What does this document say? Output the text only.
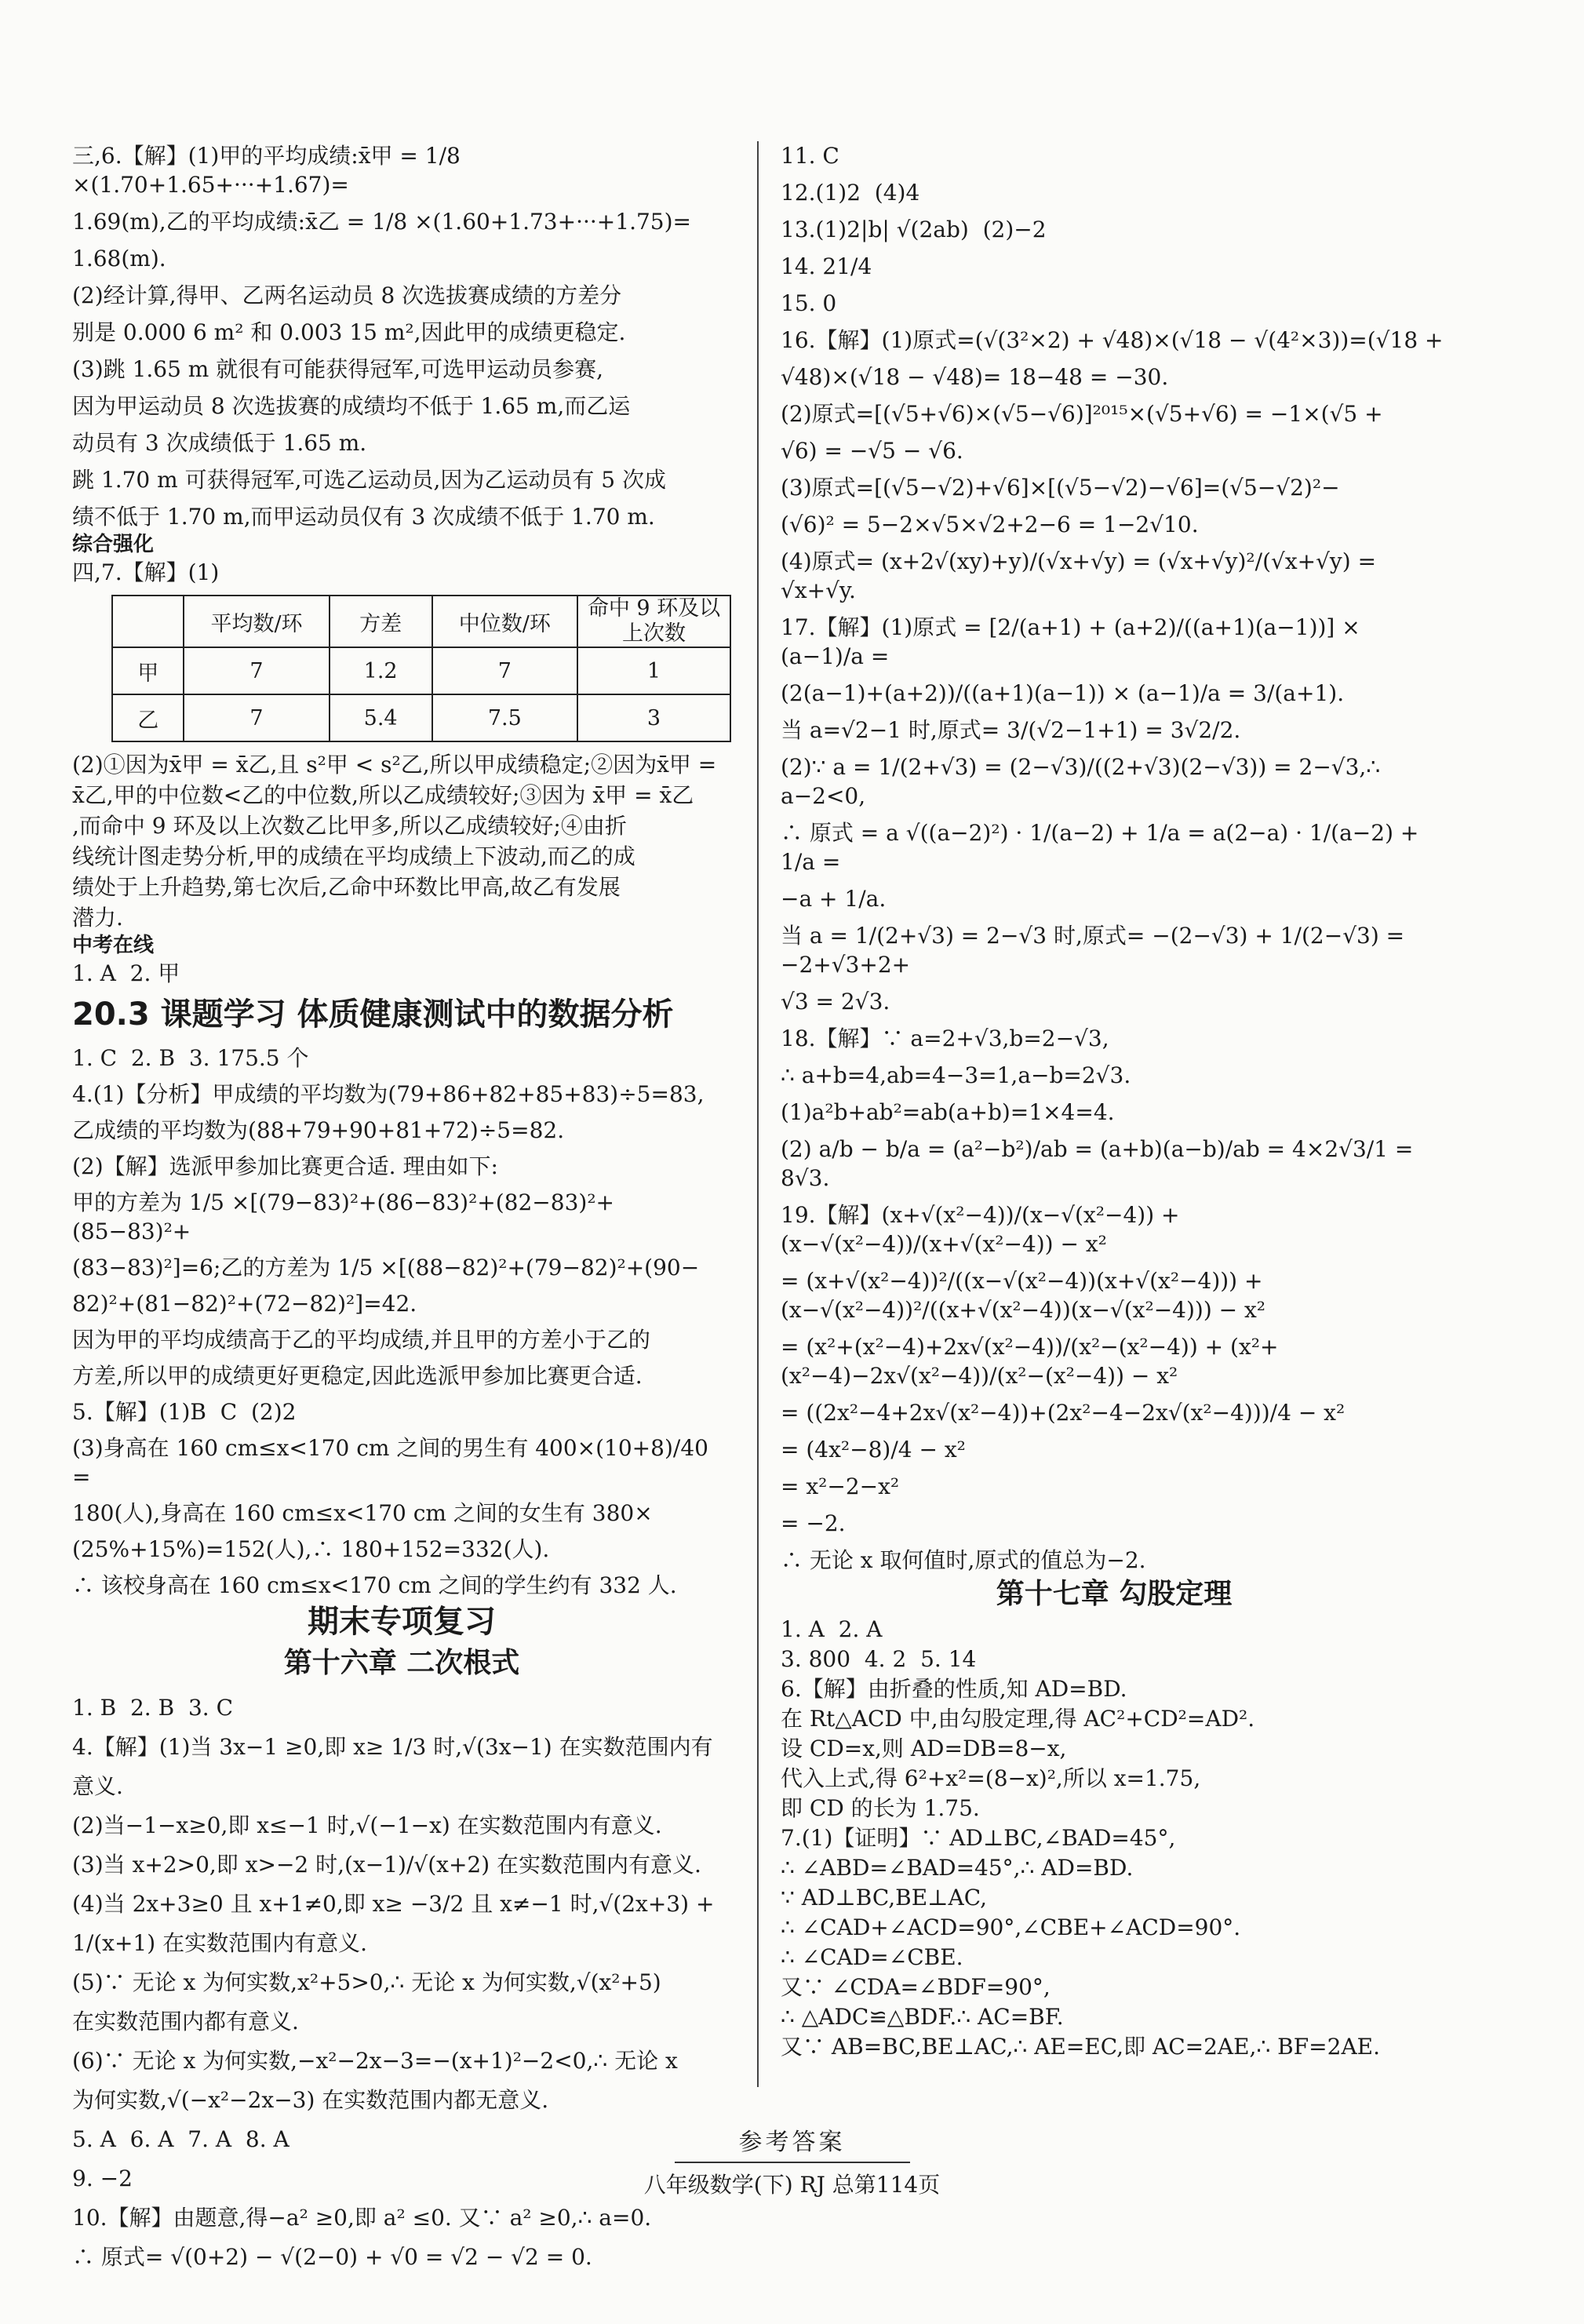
三,6.【解】(1)甲的平均成绩:x̄甲 = 1/8 ×(1.70+1.65+···+1.67)=

1.69(m),乙的平均成绩:x̄乙 = 1/8 ×(1.60+1.73+···+1.75)=

1.68(m).

(2)经计算,得甲、乙两名运动员 8 次选拔赛成绩的方差分

别是 0.000 6 m² 和 0.003 15 m²,因此甲的成绩更稳定.

(3)跳 1.65 m 就很有可能获得冠军,可选甲运动员参赛,

因为甲运动员 8 次选拔赛的成绩均不低于 1.65 m,而乙运

动员有 3 次成绩低于 1.65 m.

跳 1.70 m 可获得冠军,可选乙运动员,因为乙运动员有 5 次成

绩不低于 1.70 m,而甲运动员仅有 3 次成绩不低于 1.70 m.

综合强化

四,7.【解】(1)

	平均数/环	方差	中位数/环	命中 9 环及以上次数
甲	7	1.2	7	1
乙	7	5.4	7.5	3

(2)①因为x̄甲 = x̄乙,且 s²甲 < s²乙,所以甲成绩稳定;②因为x̄甲 =

x̄乙,甲的中位数<乙的中位数,所以乙成绩较好;③因为 x̄甲 = x̄乙

,而命中 9 环及以上次数乙比甲多,所以乙成绩较好;④由折

线统计图走势分析,甲的成绩在平均成绩上下波动,而乙的成

绩处于上升趋势,第七次后,乙命中环数比甲高,故乙有发展

潜力.

中考在线

1. A  2. 甲

20.3 课题学习 体质健康测试中的数据分析

1. C  2. B  3. 175.5 个

4.(1)【分析】甲成绩的平均数为(79+86+82+85+83)÷5=83,

乙成绩的平均数为(88+79+90+81+72)÷5=82.

(2)【解】选派甲参加比赛更合适. 理由如下:

甲的方差为 1/5 ×[(79−83)²+(86−83)²+(82−83)²+(85−83)²+

(83−83)²]=6;乙的方差为 1/5 ×[(88−82)²+(79−82)²+(90−

82)²+(81−82)²+(72−82)²]=42.

因为甲的平均成绩高于乙的平均成绩,并且甲的方差小于乙的

方差,所以甲的成绩更好更稳定,因此选派甲参加比赛更合适.

5.【解】(1)B  C  (2)2

(3)身高在 160 cm≤x<170 cm 之间的男生有 400×(10+8)/40 =

180(人),身高在 160 cm≤x<170 cm 之间的女生有 380×

(25%+15%)=152(人),∴ 180+152=332(人).

∴ 该校身高在 160 cm≤x<170 cm 之间的学生约有 332 人.

期末专项复习
第十六章 二次根式

1. B  2. B  3. C

4.【解】(1)当 3x−1 ≥0,即 x≥ 1/3 时,√(3x−1) 在实数范围内有

意义.

(2)当−1−x≥0,即 x≤−1 时,√(−1−x) 在实数范围内有意义.

(3)当 x+2>0,即 x>−2 时,(x−1)/√(x+2) 在实数范围内有意义.

(4)当 2x+3≥0 且 x+1≠0,即 x≥ −3/2 且 x≠−1 时,√(2x+3) +

1/(x+1) 在实数范围内有意义.

(5)∵ 无论 x 为何实数,x²+5>0,∴ 无论 x 为何实数,√(x²+5)

在实数范围内都有意义.

(6)∵ 无论 x 为何实数,−x²−2x−3=−(x+1)²−2<0,∴ 无论 x

为何实数,√(−x²−2x−3) 在实数范围内都无意义.

5. A  6. A  7. A  8. A

9. −2

10.【解】由题意,得−a² ≥0,即 a² ≤0. 又∵ a² ≥0,∴ a=0.

∴ 原式= √(0+2) − √(2−0) + √0 = √2 − √2 = 0.

11. C

12.(1)2  (4)4

13.(1)2|b| √(2ab)  (2)−2

14. 21/4

15. 0

16.【解】(1)原式=(√(3²×2) + √48)×(√18 − √(4²×3))=(√18 +

√48)×(√18 − √48)= 18−48 = −30.

(2)原式=[(√5+√6)×(√5−√6)]²⁰¹⁵×(√5+√6) = −1×(√5 +

√6) = −√5 − √6.

(3)原式=[(√5−√2)+√6]×[(√5−√2)−√6]=(√5−√2)²−

(√6)² = 5−2×√5×√2+2−6 = 1−2√10.

(4)原式= (x+2√(xy)+y)/(√x+√y) = (√x+√y)²/(√x+√y) = √x+√y.

17.【解】(1)原式 = [2/(a+1) + (a+2)/((a+1)(a−1))] × (a−1)/a =

(2(a−1)+(a+2))/((a+1)(a−1)) × (a−1)/a = 3/(a+1).

当 a=√2−1 时,原式= 3/(√2−1+1) = 3√2/2.

(2)∵ a = 1/(2+√3) = (2−√3)/((2+√3)(2−√3)) = 2−√3,∴ a−2<0,

∴ 原式 = a √((a−2)²) · 1/(a−2) + 1/a = a(2−a) · 1/(a−2) + 1/a =

−a + 1/a.

当 a = 1/(2+√3) = 2−√3 时,原式= −(2−√3) + 1/(2−√3) = −2+√3+2+

√3 = 2√3.

18.【解】∵ a=2+√3,b=2−√3,

∴ a+b=4,ab=4−3=1,a−b=2√3.

(1)a²b+ab²=ab(a+b)=1×4=4.

(2) a/b − b/a = (a²−b²)/ab = (a+b)(a−b)/ab = 4×2√3/1 = 8√3.

19.【解】(x+√(x²−4))/(x−√(x²−4)) + (x−√(x²−4))/(x+√(x²−4)) − x²

= (x+√(x²−4))²/((x−√(x²−4))(x+√(x²−4))) + (x−√(x²−4))²/((x+√(x²−4))(x−√(x²−4))) − x²

= (x²+(x²−4)+2x√(x²−4))/(x²−(x²−4)) + (x²+(x²−4)−2x√(x²−4))/(x²−(x²−4)) − x²

= ((2x²−4+2x√(x²−4))+(2x²−4−2x√(x²−4)))/4 − x²

= (4x²−8)/4 − x²

= x²−2−x²

= −2.

∴ 无论 x 取何值时,原式的值总为−2.

第十七章 勾股定理

1. A  2. A

3. 800  4. 2  5. 14

6.【解】由折叠的性质,知 AD=BD.

在 Rt△ACD 中,由勾股定理,得 AC²+CD²=AD².

设 CD=x,则 AD=DB=8−x,

代入上式,得 6²+x²=(8−x)²,所以 x=1.75,

即 CD 的长为 1.75.

7.(1)【证明】∵ AD⊥BC,∠BAD=45°,

∴ ∠ABD=∠BAD=45°,∴ AD=BD.

∵ AD⊥BC,BE⊥AC,

∴ ∠CAD+∠ACD=90°,∠CBE+∠ACD=90°.

∴ ∠CAD=∠CBE.

又∵ ∠CDA=∠BDF=90°,

∴ △ADC≌△BDF.∴ AC=BF.

又∵ AB=BC,BE⊥AC,∴ AE=EC,即 AC=2AE,∴ BF=2AE.

参考答案
八年级数学(下) RJ 总第114页
